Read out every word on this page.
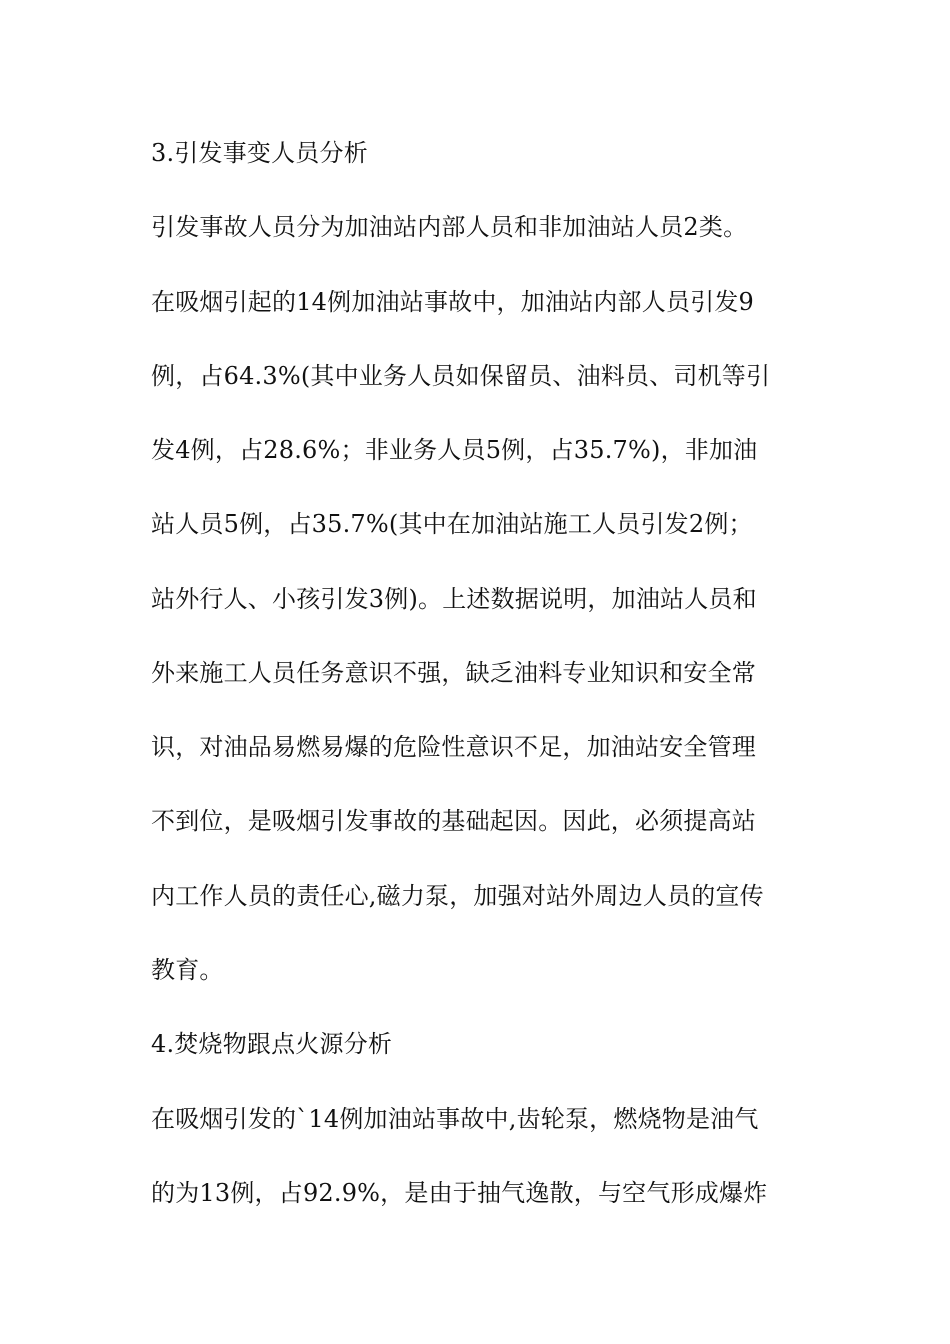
3.引发事变人员分析
引发事故人员分为加油站内部人员和非加油站人员2类。
在吸烟引起的14例加油站事故中，加油站内部人员引发9
例，占64.3%(其中业务人员如保留员、油料员、司机等引
发4例，占28.6%；非业务人员5例，占35.7%)，非加油
站人员5例，占35.7%(其中在加油站施工人员引发2例；
站外行人、小孩引发3例)。上述数据说明，加油站人员和
外来施工人员任务意识不强，缺乏油料专业知识和安全常
识，对油品易燃易爆的危险性意识不足，加油站安全管理
不到位，是吸烟引发事故的基础起因。因此，必须提高站
内工作人员的责任心,磁力泵，加强对站外周边人员的宣传
教育。
4.焚烧物跟点火源分析
在吸烟引发的`14例加油站事故中,齿轮泵，燃烧物是油气
的为13例，占92.9%，是由于抽气逸散，与空气形成爆炸
